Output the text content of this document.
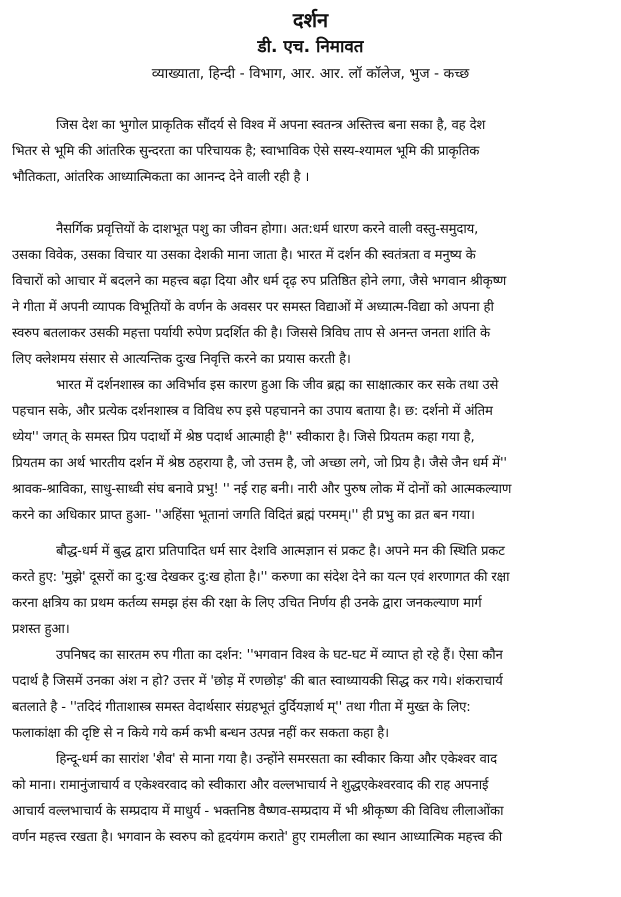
दर्शन
डी. एच. निमावत
व्याख्याता, हिन्दी - विभाग, आर. आर. लॉ कॉलेज, भुज - कच्छ
जिस देश का भुगोल प्राकृतिक सौंदर्य से विश्‍व में अपना स्वतन्त्र अस्तित्त्व बना सका है, वह देश
भितर से भूमि की आंतरिक सुन्दरता का परिचायक है; स्वाभाविक ऐसे सस्य-श्यामल भूमि की प्राकृतिक
भौतिकता, आंतरिक आध्यात्मिकता का आनन्द देने वाली रही है ।
नैसर्गिक प्रवृत्तियों के दाशभूत पशु का जीवन होगा। अत:धर्म धारण करने वाली वस्तु-समुदाय,
उसका विवेक, उसका विचार या उसका देशकी माना जाता है। भारत में दर्शन की स्वतंत्रता व मनुष्य के
विचारों को आचार में बदलने का महत्त्व बढ़ा दिया और धर्म दृढ़ रुप प्रतिष्ठित होने लगा, जैसे भगवान श्रीकृष्ण
ने गीता में अपनी व्यापक विभूतियों के वर्णन के अवसर पर समस्त विद्याओं में अध्यात्म-विद्या को अपना ही
स्वरुप बतलाकर उसकी महत्ता पर्यायी रुपेण प्रदर्शित की है। जिससे त्रिविघ ताप से अनन्त जनता शांति के
लिए क्लेशमय संसार से आत्यन्तिक दुःख निवृत्ति करने का प्रयास करती है।
भारत में दर्शनशास्त्र का अविर्भाव इस कारण हुआ कि जीव ब्रह्म का साक्षात्कार कर सके तथा उसे
पहचान सके, और प्रत्येक दर्शनशास्त्र व विविध रुप इसे पहचानने का उपाय बताया है। छ: दर्शनो में अंतिम
ध्येय'' जगत् के समस्त प्रिय पदार्थो में श्रेष्ठ पदार्थ आत्माही है'' स्वीकारा है। जिसे प्रियतम कहा गया है,
प्रियतम का अर्थ भारतीय दर्शन में श्रेष्ठ ठहराया है, जो उत्तम है, जो अच्छा लगे, जो प्रिय है। जैसे जैन धर्म में''
श्रावक-श्राविका, साधु-साध्वी संघ बनावे प्रभु! '' नई राह बनी। नारी और पुरुष लोक में दोनों को आत्मकल्याण
करने का अधिकार प्राप्त हुआ- ''अहिंसा भूतानां जगति विदितं ब्रह्मं परमम्।'' ही प्रभु का व्रत बन गया।
बौद्ध-धर्म में बुद्ध द्वारा प्रतिपादित धर्म सार देशवि आत्मज्ञान सं प्रकट है। अपने मन की स्थिति प्रकट
करते हुए: 'मुझे' दूसरों का दु:ख देखकर दु:ख होता है।'' करुणा का संदेश देने का यत्न एवं शरणागत की रक्षा
करना क्षत्रिय का प्रथम कर्तव्य समझ हंस की रक्षा के लिए उचित निर्णय ही उनके द्वारा जनकल्याण मार्ग
प्रशस्त हुआ।
उपनिषद का सारतम रुप गीता का दर्शन: ''भगवान विश्व के घट-घट में व्याप्त हो रहे हैं। ऐसा कौन
पदार्थ है जिसमें उनका अंश न हो? उत्तर में 'छोड़ में रणछोड़' की बात स्वाध्यायकी सिद्ध कर गये। शंकराचार्य
बतलाते है - ''तदिदं गीताशास्त्र समस्त वेदार्थसार संग्रहभूतं दुर्दियज्ञार्थ म्'' तथा गीता में मुख्त के लिए:
फलाकांक्षा की दृष्टि से न किये गये कर्म कभी बन्धन उत्पन्न नहीं कर सकता कहा है।
हिन्दू-धर्म का सारांश 'शैव' से माना गया है। उन्होंने समरसता का स्वीकार किया और एकेश्वर वाद
को माना। रामानुंजाचार्य व एकेश्वरवाद को स्वीकारा और वल्लभाचार्य ने शुद्धएकेश्वरवाद की राह अपनाई
आचार्य वल्लभाचार्य के सम्प्रदाय में माधुर्य - भक्तनिष्ठ वैष्णव-सम्प्रदाय में भी श्रीकृष्ण की विविध लीलाओंका
वर्णन महत्त्व रखता है। भगवान के स्वरुप को हृदयंगम कराते' हुए रामलीला का स्थान आध्यात्मिक महत्त्व की
